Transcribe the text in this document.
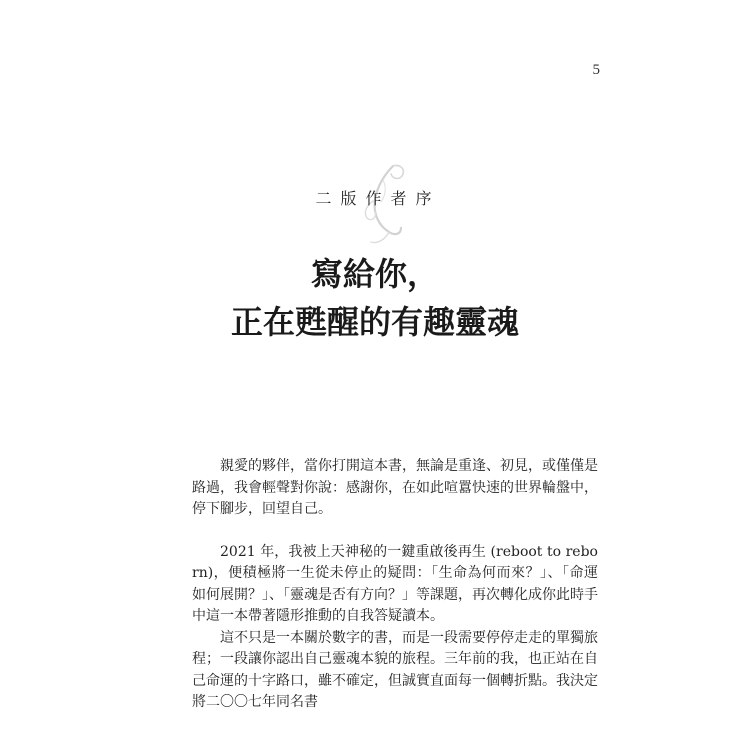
5
二版作者序
寫給你，
正在甦醒的有趣靈魂

親愛的夥伴，當你打開這本書，無論是重逢、初見，或僅僅是路過，我會輕聲對你說：感謝你，在如此喧囂快速的世界輪盤中，停下腳步，回望自己。

2021 年，我被上天神秘的一鍵重啟後再生 (reboot to reborn)，便積極將一生從未停止的疑問：「生命為何而來？」、「命運如何展開？」、「靈魂是否有方向？」等課題，再次轉化成你此時手中這一本帶著隱形推動的自我答疑讀本。

這不只是一本關於數字的書，而是一段需要停停走走的單獨旅程；一段讓你認出自己靈魂本貌的旅程。三年前的我，也正站在自己命運的十字路口，雖不確定，但誠實直面每一個轉折點。我決定將二〇〇七年同名書
